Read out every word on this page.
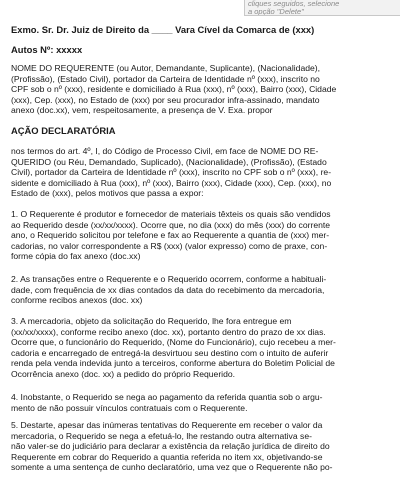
cliques seguidos, selecione
a opção "Delete"

Exmo. Sr. Dr. Juiz de Direito da ____ Vara Cível da Comarca de (xxx)

Autos Nº: xxxxx

NOME DO REQUERENTE (ou Autor, Demandante, Suplicante), (Nacionalidade),
(Profissão), (Estado Civil), portador da Carteira de Identidade nº (xxx), inscrito no
CPF sob o nº (xxx), residente e domiciliado à Rua (xxx), nº (xxx), Bairro (xxx), Cidade
(xxx), Cep. (xxx), no Estado de (xxx) por seu procurador infra-assinado, mandato
anexo (doc.xx), vem, respeitosamente, a presença de V. Exa. propor

AÇÃO DECLARATÓRIA

nos termos do art. 4º, I, do Código de Processo Civil, em face de NOME DO RE-
QUERIDO (ou Réu, Demandado, Suplicado), (Nacionalidade), (Profissão), (Estado
Civil), portador da Carteira de Identidade nº (xxx), inscrito no CPF sob o nº (xxx), re-
sidente e domiciliado à Rua (xxx), nº (xxx), Bairro (xxx), Cidade (xxx), Cep. (xxx), no
Estado de (xxx), pelos motivos que passa a expor:

1. O Requerente é produtor e fornecedor de materiais têxteis os quais são vendidos
ao Requerido desde (xx/xx/xxxx). Ocorre que, no dia (xxx) do mês (xxx) do corrente
ano, o Requerido solicitou por telefone e fax ao Requerente a quantia de (xxx) mer-
cadorias, no valor correspondente a R$ (xxx) (valor expresso) como de praxe, con-
forme cópia do fax anexo (doc.xx)

2. As transações entre o Requerente e o Requerido ocorrem, conforme a habituali-
dade, com frequência de xx dias contados da data do recebimento da mercadoria,
conforme recibos anexos (doc. xx)

3. A mercadoria, objeto da solicitação do Requerido, lhe fora entregue em
(xx/xx/xxxx), conforme recibo anexo (doc. xx), portanto dentro do prazo de xx dias.
Ocorre que, o funcionário do Requerido, (Nome do Funcionário), cujo recebeu a mer-
cadoria e encarregado de entregá-la desvirtuou seu destino com o intuito de auferir
renda pela venda indevida junto a terceiros, conforme abertura do Boletim Policial de
Ocorrência anexo (doc. xx) a pedido do próprio Requerido.

4. Inobstante, o Requerido se nega ao pagamento da referida quantia sob o argu-
mento de não possuir vínculos contratuais com o Requerente.

5. Destarte, apesar das inúmeras tentativas do Requerente em receber o valor da
mercadoria, o Requerido se nega a efetuá-lo, lhe restando outra alternativa se-
não valer-se do judiciário para declarar a existência da relação jurídica de direito do
Requerente em cobrar do Requerido a quantia referida no item xx, objetivando-se
somente a uma sentença de cunho declaratório, uma vez que o Requerente não po-
